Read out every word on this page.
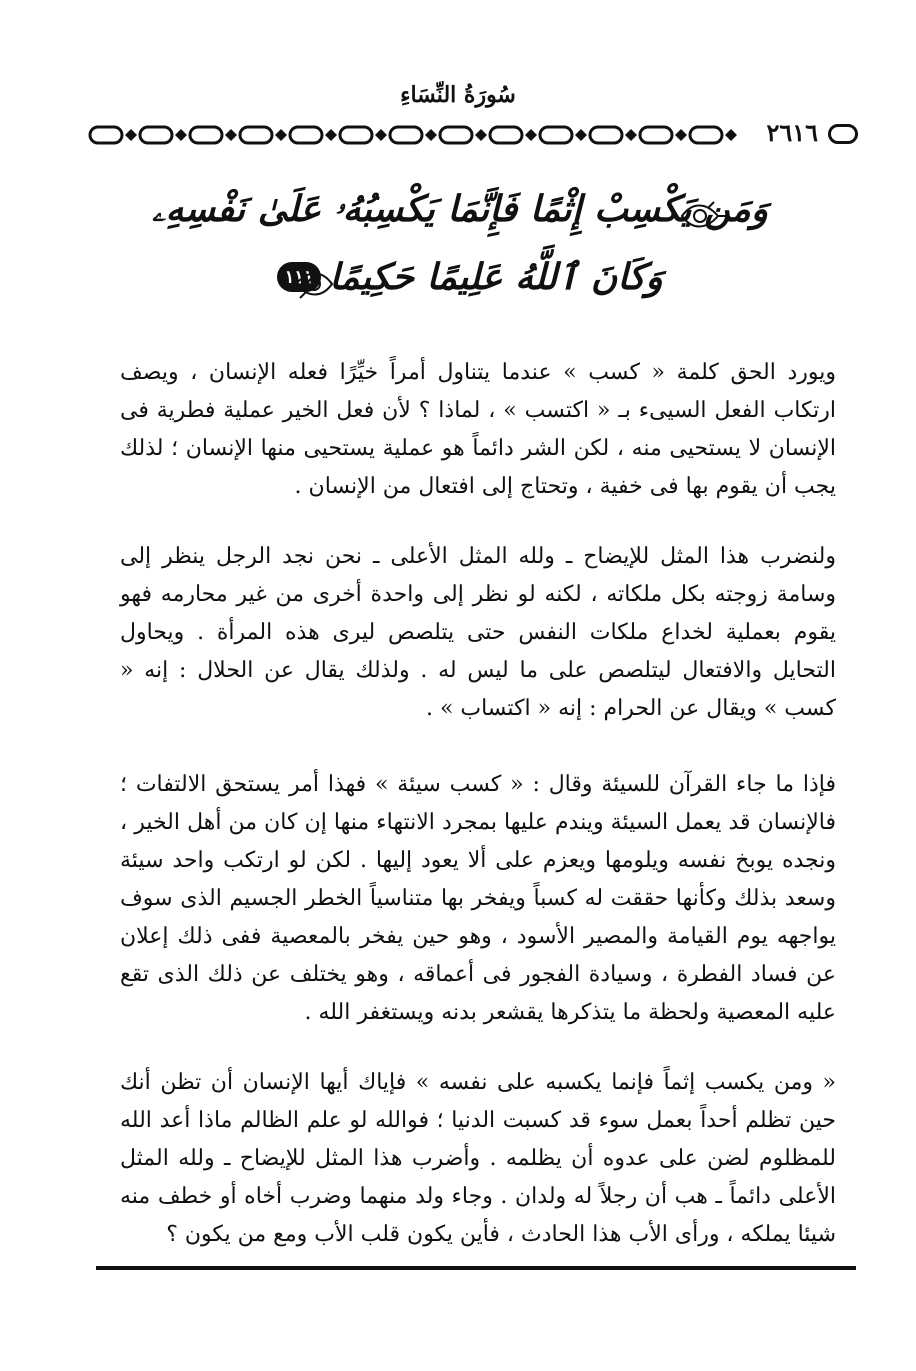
سُورَةُ النِّسَاءِ
٢٦١٦
وَمَن يَكْسِبْ إِثْمًا فَإِنَّمَا يَكْسِبُهُۥ عَلَىٰ نَفْسِهِۦ
وَكَانَ ٱللَّهُ عَلِيمًا حَكِيمًا
١١١

ويورد الحق كلمة « كسب » عندما يتناول أمراً خيِّرًا فعله الإنسان ، ويصف ارتكاب الفعل السيىء بـ « اكتسب » ، لماذا ؟ لأن فعل الخير عملية فطرية فى الإنسان لا يستحيى منه ، لكن الشر دائماً هو عملية يستحيى منها الإنسان ؛ لذلك يجب أن يقوم بها فى خفية ، وتحتاج إلى افتعال من الإنسان .

ولنضرب هذا المثل للإيضاح ـ ولله المثل الأعلى ـ نحن نجد الرجل ينظر إلى وسامة زوجته بكل ملكاته ، لكنه لو نظر إلى واحدة أخرى من غير محارمه فهو يقوم بعملية لخداع ملكات النفس حتى يتلصص ليرى هذه المرأة . ويحاول التحايل والافتعال ليتلصص على ما ليس له . ولذلك يقال عن الحلال : إنه « كسب » ويقال عن الحرام : إنه « اكتساب » .

فإذا ما جاء القرآن للسيئة وقال : « كسب سيئة » فهذا أمر يستحق الالتفات ؛ فالإنسان قد يعمل السيئة ويندم عليها بمجرد الانتهاء منها إن كان من أهل الخير ، ونجده يوبخ نفسه ويلومها ويعزم على ألا يعود إليها . لكن لو ارتكب واحد سيئة وسعد بذلك وكأنها حققت له كسباً ويفخر بها متناسياً الخطر الجسيم الذى سوف يواجهه يوم القيامة والمصير الأسود ، وهو حين يفخر بالمعصية ففى ذلك إعلان عن فساد الفطرة ، وسيادة الفجور فى أعماقه ، وهو يختلف عن ذلك الذى تقع عليه المعصية ولحظة ما يتذكرها يقشعر بدنه ويستغفر الله .

« ومن يكسب إثماً فإنما يكسبه على نفسه » فإياك أيها الإنسان أن تظن أنك حين تظلم أحداً بعمل سوء قد كسبت الدنيا ؛ فوالله لو علم الظالم ماذا أعد الله للمظلوم لضن على عدوه أن يظلمه . وأضرب هذا المثل للإيضاح ـ ولله المثل الأعلى دائماً ـ هب أن رجلاً له ولدان . وجاء ولد منهما وضرب أخاه أو خطف منه شيئا يملكه ، ورأى الأب هذا الحادث ، فأين يكون قلب الأب ومع من يكون ؟
